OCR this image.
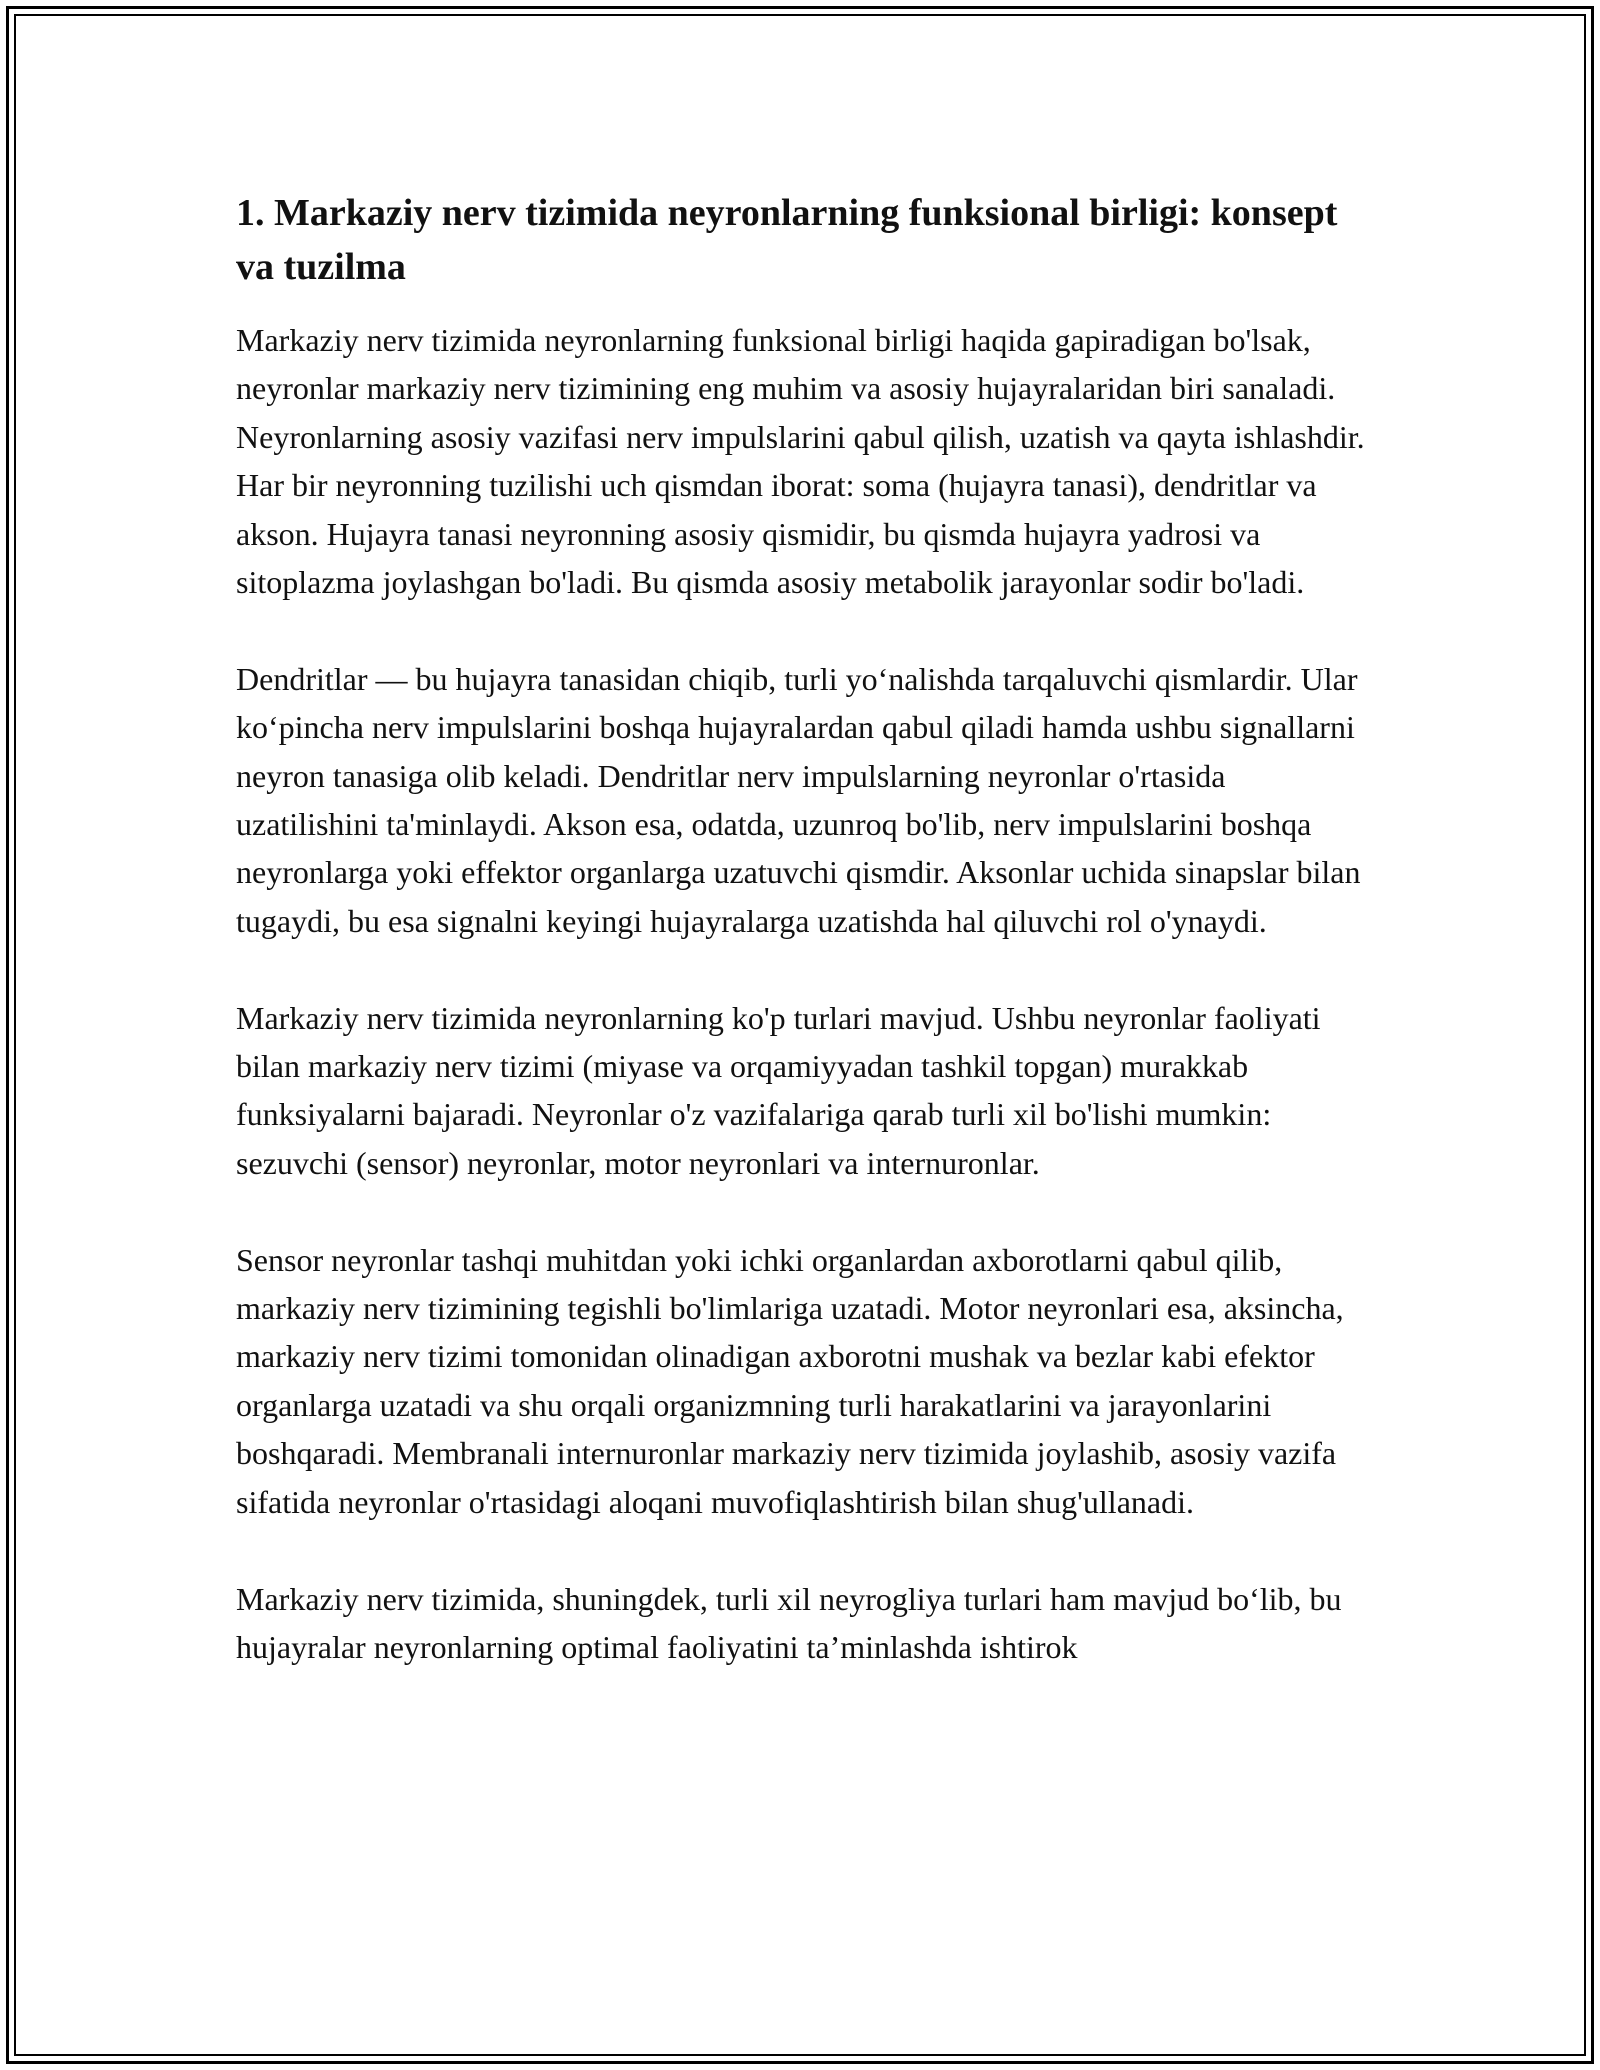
1. Markaziy nerv tizimida neyronlarning funksional birligi: konsept va tuzilma

Markaziy nerv tizimida neyronlarning funksional birligi haqida gapiradigan bo'lsak, neyronlar markaziy nerv tizimining eng muhim va asosiy hujayralaridan biri sanaladi. Neyronlarning asosiy vazifasi nerv impulslarini qabul qilish, uzatish va qayta ishlashdir. Har bir neyronning tuzilishi uch qismdan iborat: soma (hujayra tanasi), dendritlar va akson. Hujayra tanasi neyronning asosiy qismidir, bu qismda hujayra yadrosi va sitoplazma joylashgan bo'ladi. Bu qismda asosiy metabolik jarayonlar sodir bo'ladi.

Dendritlar — bu hujayra tanasidan chiqib, turli yo‘nalishda tarqaluvchi qismlardir. Ular ko‘pincha nerv impulslarini boshqa hujayralardan qabul qiladi hamda ushbu signallarni neyron tanasiga olib keladi. Dendritlar nerv impulslarning neyronlar o'rtasida uzatilishini ta'minlaydi. Akson esa, odatda, uzunroq bo'lib, nerv impulslarini boshqa neyronlarga yoki effektor organlarga uzatuvchi qismdir. Aksonlar uchida sinapslar bilan tugaydi, bu esa signalni keyingi hujayralarga uzatishda hal qiluvchi rol o'ynaydi.

Markaziy nerv tizimida neyronlarning ko'p turlari mavjud. Ushbu neyronlar faoliyati bilan markaziy nerv tizimi (miyase va orqamiyyadan tashkil topgan) murakkab funksiyalarni bajaradi. Neyronlar o'z vazifalariga qarab turli xil bo'lishi mumkin: sezuvchi (sensor) neyronlar, motor neyronlari va internuronlar.

Sensor neyronlar tashqi muhitdan yoki ichki organlardan axborotlarni qabul qilib, markaziy nerv tizimining tegishli bo'limlariga uzatadi. Motor neyronlari esa, aksincha, markaziy nerv tizimi tomonidan olinadigan axborotni mushak va bezlar kabi efektor organlarga uzatadi va shu orqali organizmning turli harakatlarini va jarayonlarini boshqaradi. Membranali internuronlar markaziy nerv tizimida joylashib, asosiy vazifa sifatida neyronlar o'rtasidagi aloqani muvofiqlashtirish bilan shug'ullanadi.

Markaziy nerv tizimida, shuningdek, turli xil neyrogliya turlari ham mavjud bo‘lib, bu hujayralar neyronlarning optimal faoliyatini ta’minlashda ishtirok
